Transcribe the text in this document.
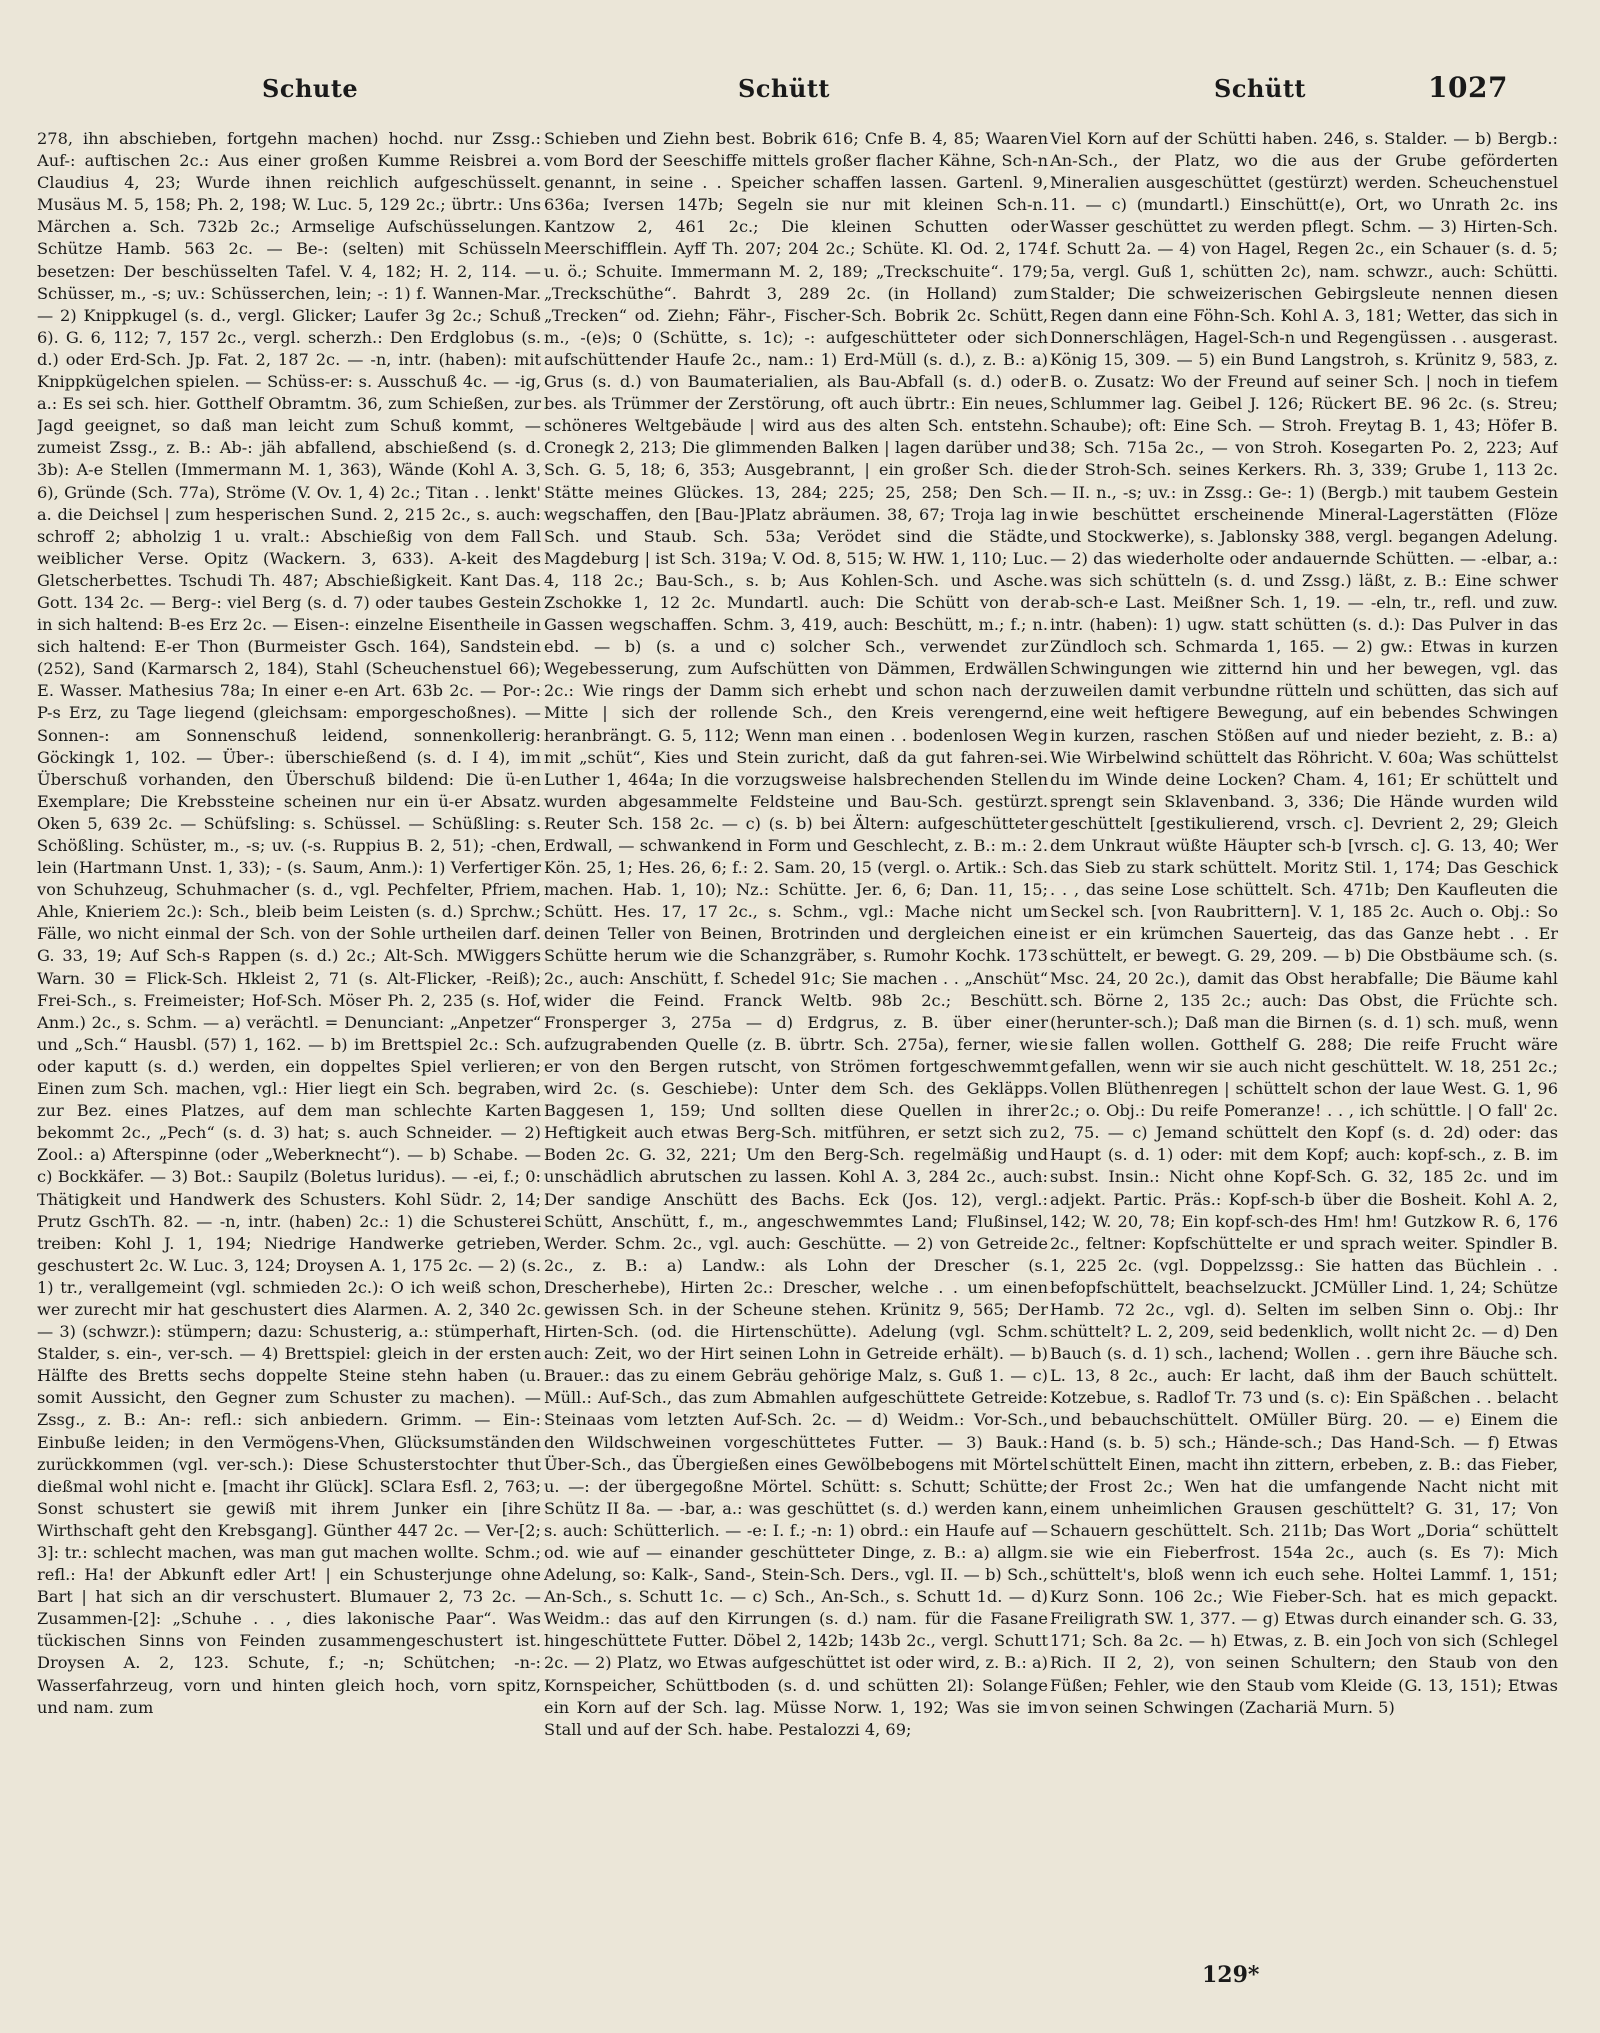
Schute	Schütt	Schütt	1027

278, ihn abschieben, fortgehn machen) hochd. nur Zssg.: Auf-: auftischen 2c.: Aus einer großen Kumme Reisbrei a. Claudius 4, 23; Wurde ihnen reichlich aufgeschüsselt. Musäus M. 5, 158; Ph. 2, 198; W. Luc. 5, 129 2c.; übrtr.: Uns Märchen a. Sch. 732b 2c.; Armselige Aufschüsselungen. Schütze Hamb. 563 2c. — Be-: (selten) mit Schüsseln besetzen: Der beschüsselten Tafel. V. 4, 182; H. 2, 114. — Schüsser, m., -s; uv.: Schüsserchen, lein; -: 1) f. Wannen-Mar. — 2) Knippkugel (s. d., vergl. Glicker; Laufer 3g 2c.; Schuß 6). G. 6, 112; 7, 157 2c., vergl. scherzh.: Den Erdglobus (s. d.) oder Erd-Sch. Jp. Fat. 2, 187 2c. — -n, intr. (haben): mit Knippkügelchen spielen. — Schüss-er: s. Ausschuß 4c. — -ig, a.: Es sei sch. hier. Gotthelf Obramtm. 36, zum Schießen, zur Jagd geeignet, so daß man leicht zum Schuß kommt, — zumeist Zssg., z. B.: Ab-: jäh abfallend, abschießend (s. d. 3b): A-e Stellen (Immermann M. 1, 363), Wände (Kohl A. 3, 6), Gründe (Sch. 77a), Ströme (V. Ov. 1, 4) 2c.; Titan . . lenkt' a. die Deichsel | zum hesperischen Sund. 2, 215 2c., s. auch: schroff 2; abholzig 1 u. vralt.: Abschießig von dem Fall weiblicher Verse. Opitz (Wackern. 3, 633). A-keit des Gletscherbettes. Tschudi Th. 487; Abschießigkeit. Kant Das. Gott. 134 2c. — Berg-: viel Berg (s. d. 7) oder taubes Gestein in sich haltend: B-es Erz 2c. — Eisen-: einzelne Eisentheile in sich haltend: E-er Thon (Burmeister Gsch. 164), Sandstein (252), Sand (Karmarsch 2, 184), Stahl (Scheuchenstuel 66); E. Wasser. Mathesius 78a; In einer e-en Art. 63b 2c. — Por-: P-s Erz, zu Tage liegend (gleichsam: emporgeschoßnes). — Sonnen-: am Sonnenschuß leidend, sonnenkollerig: Göckingk 1, 102. — Über-: überschießend (s. d. I 4), im Überschuß vorhanden, den Überschuß bildend: Die ü-en Exemplare; Die Krebssteine scheinen nur ein ü-er Absatz. Oken 5, 639 2c. — Schüfsling: s. Schüssel. — Schüßling: s. Schößling. Schüster, m., -s; uv. (-s. Ruppius B. 2, 51); -chen, lein (Hartmann Unst. 1, 33); - (s. Saum, Anm.): 1) Verfertiger von Schuhzeug, Schuhmacher (s. d., vgl. Pechfelter, Pfriem, Ahle, Knieriem 2c.): Sch., bleib beim Leisten (s. d.) Sprchw.; Fälle, wo nicht einmal der Sch. von der Sohle urtheilen darf. G. 33, 19; Auf Sch-s Rappen (s. d.) 2c.; Alt-Sch. MWiggers Warn. 30 = Flick-Sch. Hkleist 2, 71 (s. Alt-Flicker, -Reiß); Frei-Sch., s. Freimeister; Hof-Sch. Möser Ph. 2, 235 (s. Hof, Anm.) 2c., s. Schm. — a) verächtl. = Denunciant: „Anpetzer“ und „Sch.“ Hausbl. (57) 1, 162. — b) im Brettspiel 2c.: Sch. oder kaputt (s. d.) werden, ein doppeltes Spiel verlieren; Einen zum Sch. machen, vgl.: Hier liegt ein Sch. begraben, zur Bez. eines Platzes, auf dem man schlechte Karten bekommt 2c., „Pech“ (s. d. 3) hat; s. auch Schneider. — 2) Zool.: a) Afterspinne (oder „Weberknecht“). — b) Schabe. — c) Bockkäfer. — 3) Bot.: Saupilz (Boletus luridus). — -ei, f.; 0: Thätigkeit und Handwerk des Schusters. Kohl Südr. 2, 14; Prutz GschTh. 82. — -n, intr. (haben) 2c.: 1) die Schusterei treiben: Kohl J. 1, 194; Niedrige Handwerke getrieben, geschustert 2c. W. Luc. 3, 124; Droysen A. 1, 175 2c. — 2) (s. 1) tr., verallgemeint (vgl. schmieden 2c.): O ich weiß schon, wer zurecht mir hat geschustert dies Alarmen. A. 2, 340 2c. — 3) (schwzr.): stümpern; dazu: Schusterig, a.: stümperhaft, Stalder, s. ein-, ver-sch. — 4) Brettspiel: gleich in der ersten Hälfte des Bretts sechs doppelte Steine stehn haben (u. somit Aussicht, den Gegner zum Schuster zu machen). — Zssg., z. B.: An-: refl.: sich anbiedern. Grimm. — Ein-: Einbuße leiden; in den Vermögens-Vhen, Glücksumständen zurückkommen (vgl. ver-sch.): Diese Schusterstochter thut dießmal wohl nicht e. [macht ihr Glück]. SClara Esfl. 2, 763; Sonst schustert sie gewiß mit ihrem Junker ein [ihre Wirthschaft geht den Krebsgang]. Günther 447 2c. — Ver-[2; 3]: tr.: schlecht machen, was man gut machen wollte. Schm.; refl.: Ha! der Abkunft edler Art! | ein Schusterjunge ohne Bart | hat sich an dir verschustert. Blumauer 2, 73 2c. — Zusammen-[2]: „Schuhe . . , dies lakonische Paar“. Was tückischen Sinns von Feinden zusammengeschustert ist. Droysen A. 2, 123. Schute, f.; -n; Schütchen; -n-: Wasserfahrzeug, vorn und hinten gleich hoch, vorn spitz, und nam. zum

Schieben und Ziehn best. Bobrik 616; Cnfe B. 4, 85; Waaren vom Bord der Seeschiffe mittels großer flacher Kähne, Sch-n genannt, in seine . . Speicher schaffen lassen. Gartenl. 9, 636a; Iversen 147b; Segeln sie nur mit kleinen Sch-n. Kantzow 2, 461 2c.; Die kleinen Schutten oder Meerschifflein. Ayff Th. 207; 204 2c.; Schüte. Kl. Od. 2, 174 u. ö.; Schuite. Immermann M. 2, 189; „Treckschuite“. 179; „Treckschüthe“. Bahrdt 3, 289 2c. (in Holland) zum „Trecken“ od. Ziehn; Fähr-, Fischer-Sch. Bobrik 2c. Schütt, m., -(e)s; 0 (Schütte, s. 1c); -: aufgeschütteter oder sich aufschüttender Haufe 2c., nam.: 1) Erd-Müll (s. d.), z. B.: a) Grus (s. d.) von Baumaterialien, als Bau-Abfall (s. d.) oder bes. als Trümmer der Zerstörung, oft auch übrtr.: Ein neues, schöneres Weltgebäude | wird aus des alten Sch. entstehn. Cronegk 2, 213; Die glimmenden Balken | lagen darüber und Sch. G. 5, 18; 6, 353; Ausgebrannt, | ein großer Sch. die Stätte meines Glückes. 13, 284; 225; 25, 258; Den Sch. wegschaffen, den [Bau-]Platz abräumen. 38, 67; Troja lag in Sch. und Staub. Sch. 53a; Verödet sind die Städte, Magdeburg | ist Sch. 319a; V. Od. 8, 515; W. HW. 1, 110; Luc. 4, 118 2c.; Bau-Sch., s. b; Aus Kohlen-Sch. und Asche. Zschokke 1, 12 2c. Mundartl. auch: Die Schütt von der Gassen wegschaffen. Schm. 3, 419, auch: Beschütt, m.; f.; n. ebd. — b) (s. a und c) solcher Sch., verwendet zur Wegebesserung, zum Aufschütten von Dämmen, Erdwällen 2c.: Wie rings der Damm sich erhebt und schon nach der Mitte | sich der rollende Sch., den Kreis verengernd, heranbrängt. G. 5, 112; Wenn man einen . . bodenlosen Weg mit „schüt“, Kies und Stein zuricht, daß da gut fahren-sei. Luther 1, 464a; In die vorzugsweise halsbrechenden Stellen wurden abgesammelte Feldsteine und Bau-Sch. gestürzt. Reuter Sch. 158 2c. — c) (s. b) bei Ältern: aufgeschütteter Erdwall, — schwankend in Form und Geschlecht, z. B.: m.: 2. Kön. 25, 1; Hes. 26, 6; f.: 2. Sam. 20, 15 (vergl. o. Artik.: Sch. machen. Hab. 1, 10); Nz.: Schütte. Jer. 6, 6; Dan. 11, 15; Schütt. Hes. 17, 17 2c., s. Schm., vgl.: Mache nicht um deinen Teller von Beinen, Brotrinden und dergleichen eine Schütte herum wie die Schanzgräber, s. Rumohr Kochk. 173 2c., auch: Anschütt, f. Schedel 91c; Sie machen . . „Anschüt“ wider die Feind. Franck Weltb. 98b 2c.; Beschütt. Fronsperger 3, 275a — d) Erdgrus, z. B. über einer aufzugrabenden Quelle (z. B. übrtr. Sch. 275a), ferner, wie er von den Bergen rutscht, von Strömen fortgeschwemmt wird 2c. (s. Geschiebe): Unter dem Sch. des Gekläpps. Baggesen 1, 159; Und sollten diese Quellen in ihrer Heftigkeit auch etwas Berg-Sch. mitführen, er setzt sich zu Boden 2c. G. 32, 221; Um den Berg-Sch. regelmäßig und unschädlich abrutschen zu lassen. Kohl A. 3, 284 2c., auch: Der sandige Anschütt des Bachs. Eck (Jos. 12), vergl.: Schütt, Anschütt, f., m., angeschwemmtes Land; Flußinsel, Werder. Schm. 2c., vgl. auch: Geschütte. — 2) von Getreide 2c., z. B.: a) Landw.: als Lohn der Drescher (s. Drescherhebe), Hirten 2c.: Drescher, welche . . um einen gewissen Sch. in der Scheune stehen. Krünitz 9, 565; Der Hirten-Sch. (od. die Hirtenschütte). Adelung (vgl. Schm. auch: Zeit, wo der Hirt seinen Lohn in Getreide erhält). — b) Brauer.: das zu einem Gebräu gehörige Malz, s. Guß 1. — c) Müll.: Auf-Sch., das zum Abmahlen aufgeschüttete Getreide: Steinaas vom letzten Auf-Sch. 2c. — d) Weidm.: Vor-Sch., den Wildschweinen vorgeschüttetes Futter. — 3) Bauk.: Über-Sch., das Übergießen eines Gewölbebogens mit Mörtel u. —: der übergegoßne Mörtel. Schütt: s. Schutt; Schütte; Schütz II 8a. — -bar, a.: was geschüttet (s. d.) werden kann, s. auch: Schütterlich. — -e: I. f.; -n: 1) obrd.: ein Haufe auf — od. wie auf — einander geschütteter Dinge, z. B.: a) allgm. Adelung, so: Kalk-, Sand-, Stein-Sch. Ders., vgl. II. — b) Sch., An-Sch., s. Schutt 1c. — c) Sch., An-Sch., s. Schutt 1d. — d) Weidm.: das auf den Kirrungen (s. d.) nam. für die Fasane hingeschüttete Futter. Döbel 2, 142b; 143b 2c., vergl. Schutt 2c. — 2) Platz, wo Etwas aufgeschüttet ist oder wird, z. B.: a) Kornspeicher, Schüttboden (s. d. und schütten 2l): Solange ein Korn auf der Sch. lag. Müsse Norw. 1, 192; Was sie im Stall und auf der Sch. habe. Pestalozzi 4, 69;

Viel Korn auf der Schütti haben. 246, s. Stalder. — b) Bergb.: An-Sch., der Platz, wo die aus der Grube geförderten Mineralien ausgeschüttet (gestürzt) werden. Scheuchenstuel 11. — c) (mundartl.) Einschütt(e), Ort, wo Unrath 2c. ins Wasser geschüttet zu werden pflegt. Schm. — 3) Hirten-Sch. f. Schutt 2a. — 4) von Hagel, Regen 2c., ein Schauer (s. d. 5; 5a, vergl. Guß 1, schütten 2c), nam. schwzr., auch: Schütti. Stalder; Die schweizerischen Gebirgsleute nennen diesen Regen dann eine Föhn-Sch. Kohl A. 3, 181; Wetter, das sich in Donnerschlägen, Hagel-Sch-n und Regengüssen . . ausgerast. König 15, 309. — 5) ein Bund Langstroh, s. Krünitz 9, 583, z. B. o. Zusatz: Wo der Freund auf seiner Sch. | noch in tiefem Schlummer lag. Geibel J. 126; Rückert BE. 96 2c. (s. Streu; Schaube); oft: Eine Sch. — Stroh. Freytag B. 1, 43; Höfer B. 38; Sch. 715a 2c., — von Stroh. Kosegarten Po. 2, 223; Auf der Stroh-Sch. seines Kerkers. Rh. 3, 339; Grube 1, 113 2c. — II. n., -s; uv.: in Zssg.: Ge-: 1) (Bergb.) mit taubem Gestein wie beschüttet erscheinende Mineral-Lagerstätten (Flöze und Stockwerke), s. Jablonsky 388, vergl. begangen Adelung. — 2) das wiederholte oder andauernde Schütten. — -elbar, a.: was sich schütteln (s. d. und Zssg.) läßt, z. B.: Eine schwer ab-sch-e Last. Meißner Sch. 1, 19. — -eln, tr., refl. und zuw. intr. (haben): 1) ugw. statt schütten (s. d.): Das Pulver in das Zündloch sch. Schmarda 1, 165. — 2) gw.: Etwas in kurzen Schwingungen wie zitternd hin und her bewegen, vgl. das zuweilen damit verbundne rütteln und schütten, das sich auf eine weit heftigere Bewegung, auf ein bebendes Schwingen in kurzen, raschen Stößen auf und nieder bezieht, z. B.: a) Wie Wirbelwind schüttelt das Röhricht. V. 60a; Was schüttelst du im Winde deine Locken? Cham. 4, 161; Er schüttelt und sprengt sein Sklavenband. 3, 336; Die Hände wurden wild geschüttelt [gestikulierend, vrsch. c]. Devrient 2, 29; Gleich dem Unkraut wüßte Häupter sch-b [vrsch. c]. G. 13, 40; Wer das Sieb zu stark schüttelt. Moritz Stil. 1, 174; Das Geschick . . , das seine Lose schüttelt. Sch. 471b; Den Kaufleuten die Seckel sch. [von Raubrittern]. V. 1, 185 2c. Auch o. Obj.: So ist er ein krümchen Sauerteig, das das Ganze hebt . . Er schüttelt, er bewegt. G. 29, 209. — b) Die Obstbäume sch. (s. Msc. 24, 20 2c.), damit das Obst herabfalle; Die Bäume kahl sch. Börne 2, 135 2c.; auch: Das Obst, die Früchte sch. (herunter-sch.); Daß man die Birnen (s. d. 1) sch. muß, wenn sie fallen wollen. Gotthelf G. 288; Die reife Frucht wäre gefallen, wenn wir sie auch nicht geschüttelt. W. 18, 251 2c.; Vollen Blüthenregen | schüttelt schon der laue West. G. 1, 96 2c.; o. Obj.: Du reife Pomeranze! . . , ich schüttle. | O fall' 2c. 2, 75. — c) Jemand schüttelt den Kopf (s. d. 2d) oder: das Haupt (s. d. 1) oder: mit dem Kopf; auch: kopf-sch., z. B. im subst. Insin.: Nicht ohne Kopf-Sch. G. 32, 185 2c. und im adjekt. Partic. Präs.: Kopf-sch-b über die Bosheit. Kohl A. 2, 142; W. 20, 78; Ein kopf-sch-des Hm! hm! Gutzkow R. 6, 176 2c., feltner: Kopfschüttelte er und sprach weiter. Spindler B. 1, 225 2c. (vgl. Doppelzssg.: Sie hatten das Büchlein . . befopfschüttelt, beachselzuckt. JCMüller Lind. 1, 24; Schütze Hamb. 72 2c., vgl. d). Selten im selben Sinn o. Obj.: Ihr schüttelt? L. 2, 209, seid bedenklich, wollt nicht 2c. — d) Den Bauch (s. d. 1) sch., lachend; Wollen . . gern ihre Bäuche sch. L. 13, 8 2c., auch: Er lacht, daß ihm der Bauch schüttelt. Kotzebue, s. Radlof Tr. 73 und (s. c): Ein Späßchen . . belacht und bebauchschüttelt. OMüller Bürg. 20. — e) Einem die Hand (s. b. 5) sch.; Hände-sch.; Das Hand-Sch. — f) Etwas schüttelt Einen, macht ihn zittern, erbeben, z. B.: das Fieber, der Frost 2c.; Wen hat die umfangende Nacht nicht mit einem unheimlichen Grausen geschüttelt? G. 31, 17; Von Schauern geschüttelt. Sch. 211b; Das Wort „Doria“ schüttelt sie wie ein Fieberfrost. 154a 2c., auch (s. Es 7): Mich schüttelt's, bloß wenn ich euch sehe. Holtei Lammf. 1, 151; Kurz Sonn. 106 2c.; Wie Fieber-Sch. hat es mich gepackt. Freiligrath SW. 1, 377. — g) Etwas durch einander sch. G. 33, 171; Sch. 8a 2c. — h) Etwas, z. B. ein Joch von sich (Schlegel Rich. II 2, 2), von seinen Schultern; den Staub von den Füßen; Fehler, wie den Staub vom Kleide (G. 13, 151); Etwas von seinen Schwingen (Zachariä Murn. 5)

129*
